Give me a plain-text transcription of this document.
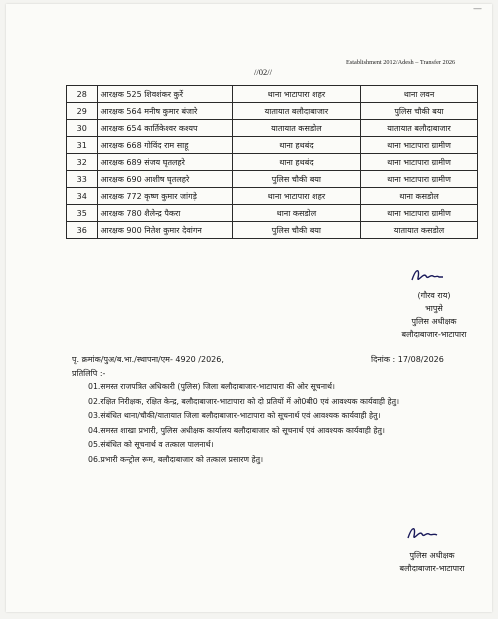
—
Establishment 2012/Adesh – Transfer 2026
//02//
28	आरक्षक 525 शिवशंकर कुर्रे	थाना भाटापारा शहर	थाना लवन
29	आरक्षक 564 मनीष कुमार बंजारे	यातायात बलौदाबाजार	पुलिस चौकी बया
30	आरक्षक 654 कार्तिकेश्वर कश्यप	यातायात कसडोल	यातायात बलौदाबाजार
31	आरक्षक 668 गोविंद राम साहू	थाना हथबंद	थाना भाटापारा ग्रामीण
32	आरक्षक 689 संजय घृतलहरे	थाना हथबंद	थाना भाटापारा ग्रामीण
33	आरक्षक 690 आशीष घृतलहरे	पुलिस चौकी बया	थाना भाटापारा ग्रामीण
34	आरक्षक 772 कृष्ण कुमार जांगड़े	थाना भाटापारा शहर	थाना कसडोल
35	आरक्षक 780 शैलेन्द्र पैकरा	थाना कसडोल	थाना भाटापारा ग्रामीण
36	आरक्षक 900 नितेश कुमार देवांगन	पुलिस चौकी बया	यातायात कसडोल
(गौरव राय)
भापुसे
पुलिस अधीक्षक
बलौदाबाजार-भाटापारा
पृ. क्रमांक/पुअ/ब.भा./स्थापना/एम- 4920 /2026,	दिनांक : 17/08/2026
प्रतिलिपि :-
01.समस्त राजपत्रित अधिकारी (पुलिस) जिला बलौदाबाजार-भाटापारा की ओर सूचनार्थ।
02.रक्षित निरीक्षक, रक्षित केन्द्र, बलौदाबाजार-भाटापारा को दो प्रतियों में ओ0बी0 एवं आवश्यक कार्यवाही हेतु।
03.संबंधित थाना/चौकी/यातायात जिला बलौदाबाजार-भाटापारा को सूचनार्थ एवं आवश्यक कार्यवाही हेतु।
04.समस्त शाखा प्रभारी, पुलिस अधीक्षक कार्यालय बलौदाबाजार को सूचनार्थ एवं आवश्यक कार्यवाही हेतु।
05.संबंधित को सूचनार्थ व तत्काल पालनार्थ।
06.प्रभारी कन्ट्रोल रूम, बलौदाबाजार को तत्काल प्रसारण हेतु।
पुलिस अधीक्षक
बलौदाबाजार-भाटापारा
